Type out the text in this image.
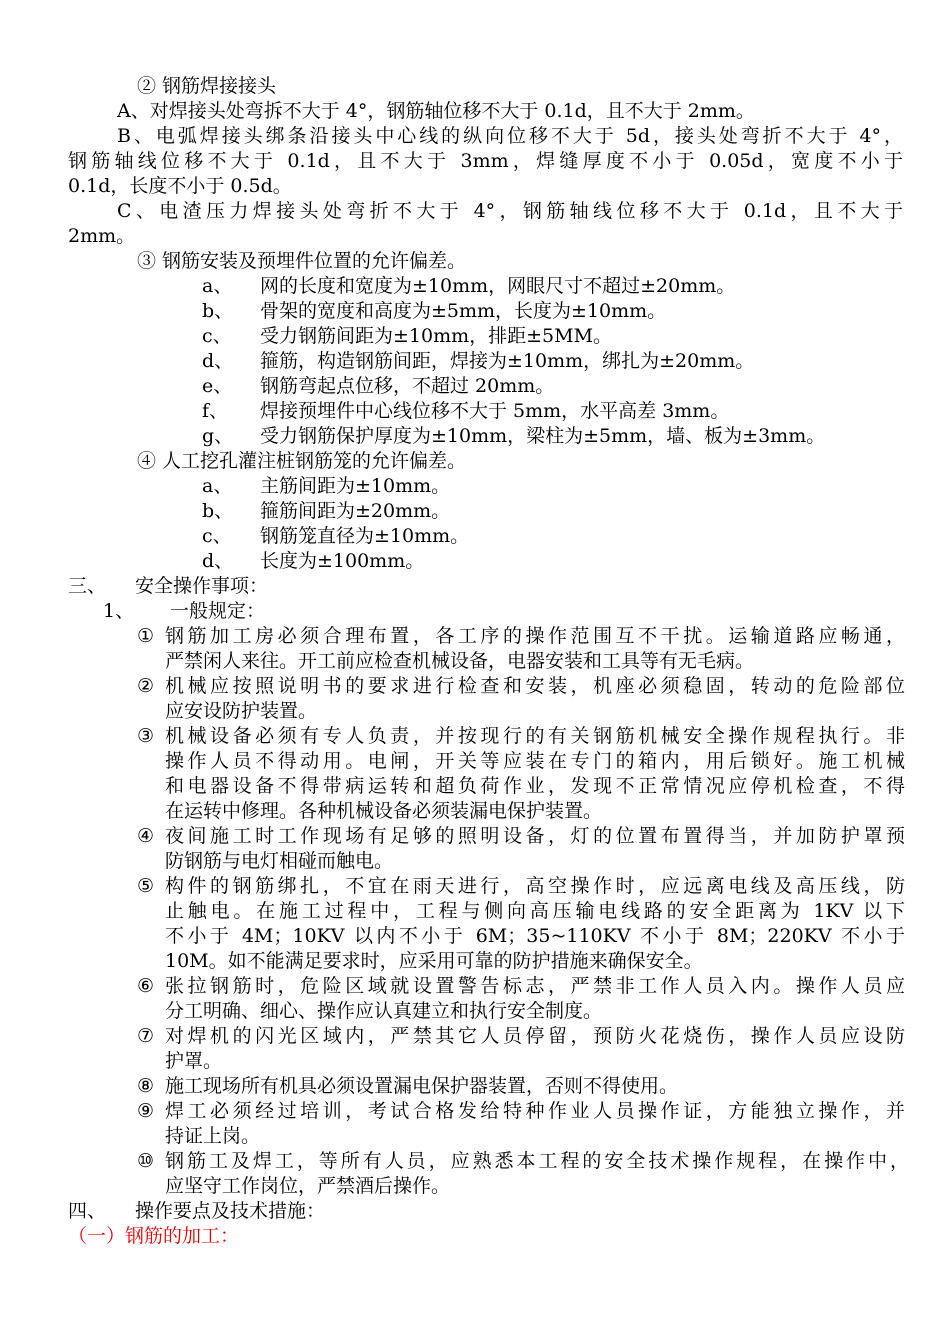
② 钢筋焊接接头
A、对焊接头处弯拆不大于 4°，钢筋轴位移不大于 0.1d，且不大于 2mm。
B、电弧焊接头绑条沿接头中心线的纵向位移不大于 5d，接头处弯折不大于 4°，
钢筋轴线位移不大于 0.1d，且不大于 3mm，焊缝厚度不小于 0.05d，宽度不小于
0.1d，长度不小于 0.5d。
C、电渣压力焊接头处弯折不大于 4°，钢筋轴线位移不大于 0.1d，且不大于
2mm。
③ 钢筋安装及预埋件位置的允许偏差。
a、 网的长度和宽度为±10mm，网眼尺寸不超过±20mm。
b、 骨架的宽度和高度为±5mm，长度为±10mm。
c、 受力钢筋间距为±10mm，排距±5MM。
d、 箍筋，构造钢筋间距，焊接为±10mm，绑扎为±20mm。
e、 钢筋弯起点位移，不超过 20mm。
f、 焊接预埋件中心线位移不大于 5mm，水平高差 3mm。
g、 受力钢筋保护厚度为±10mm，梁柱为±5mm，墙、板为±3mm。
④ 人工挖孔灌注桩钢筋笼的允许偏差。
a、 主筋间距为±10mm。
b、 箍筋间距为±20mm。
c、 钢筋笼直径为±10mm。
d、 长度为±100mm。
三、 安全操作事项：
1、 一般规定：
① 钢筋加工房必须合理布置，各工序的操作范围互不干扰。运输道路应畅通，
严禁闲人来往。开工前应检查机械设备，电器安装和工具等有无毛病。
② 机械应按照说明书的要求进行检查和安装，机座必须稳固，转动的危险部位
应安设防护装置。
③ 机械设备必须有专人负责，并按现行的有关钢筋机械安全操作规程执行。非
操作人员不得动用。电闸，开关等应装在专门的箱内，用后锁好。施工机械
和电器设备不得带病运转和超负荷作业，发现不正常情况应停机检查，不得
在运转中修理。各种机械设备必须装漏电保护装置。
④ 夜间施工时工作现场有足够的照明设备，灯的位置布置得当，并加防护罩预
防钢筋与电灯相碰而触电。
⑤ 构件的钢筋绑扎，不宜在雨天进行，高空操作时，应远离电线及高压线，防
止触电。在施工过程中，工程与侧向高压输电线路的安全距离为 1KV 以下
不小于 4M；10KV 以内不小于 6M；35~110KV 不小于 8M；220KV 不小于
10M。如不能满足要求时，应采用可靠的防护措施来确保安全。
⑥ 张拉钢筋时，危险区域就设置警告标志，严禁非工作人员入内。操作人员应
分工明确、细心、操作应认真建立和执行安全制度。
⑦ 对焊机的闪光区域内，严禁其它人员停留，预防火花烧伤，操作人员应设防
护罩。
⑧ 施工现场所有机具必须设置漏电保护器装置，否则不得使用。
⑨ 焊工必须经过培训，考试合格发给特种作业人员操作证，方能独立操作，并
持证上岗。
⑩ 钢筋工及焊工，等所有人员，应熟悉本工程的安全技术操作规程，在操作中，
应坚守工作岗位，严禁酒后操作。
四、 操作要点及技术措施：
（一）钢筋的加工：
